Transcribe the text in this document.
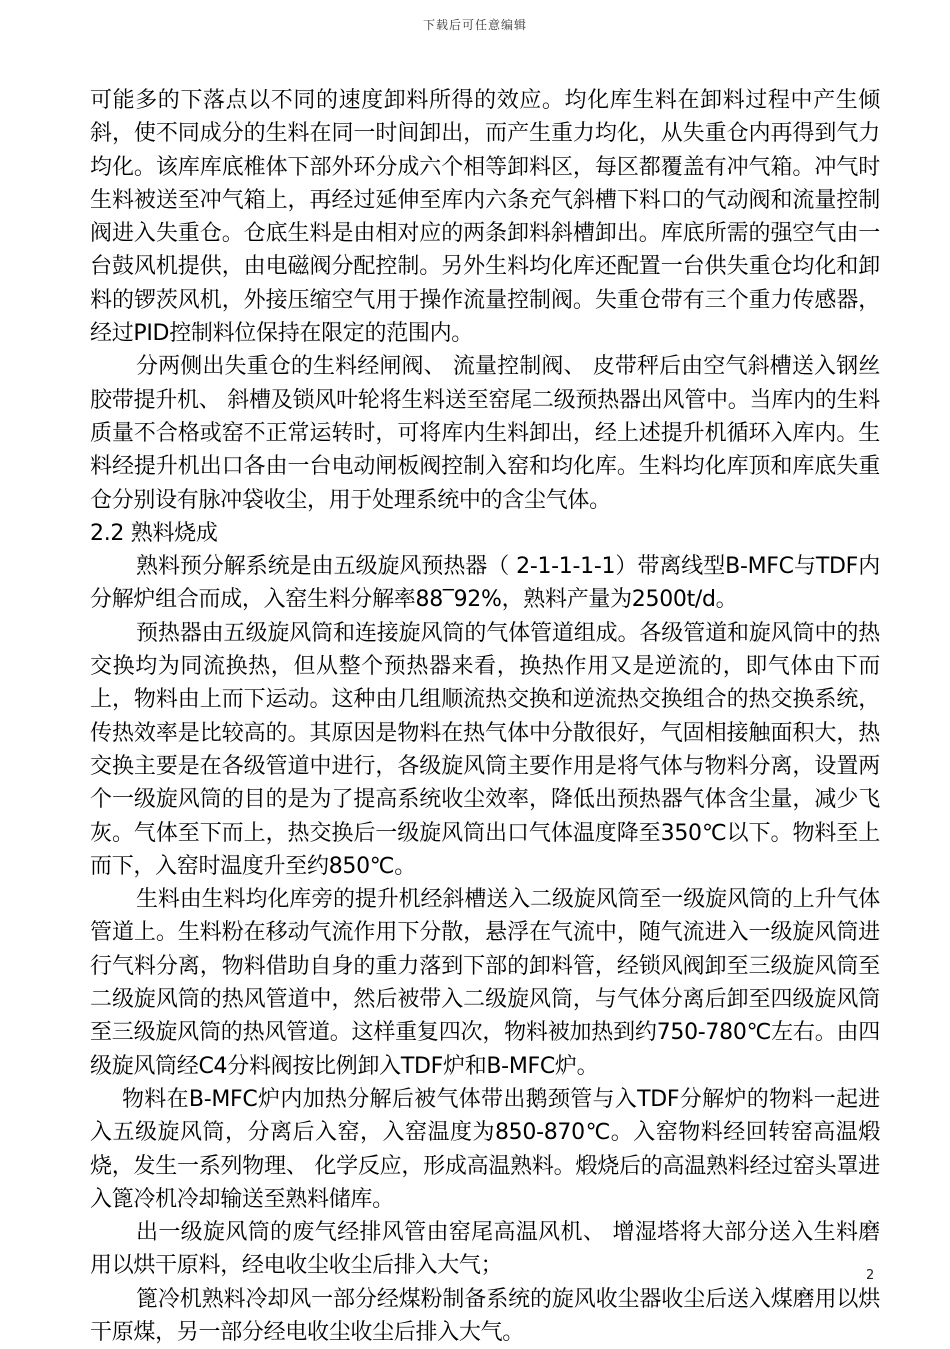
下载后可任意编辑

可能多的下落点以不同的速度卸料所得的效应。均化库生料在卸料过程中产生倾斜，使不同成分的生料在同一时间卸出，而产生重力均化，从失重仓内再得到气力均化。该库库底椎体下部外环分成六个相等卸料区，每区都覆盖有冲气箱。冲气时生料被送至冲气箱上，再经过延伸至库内六条充气斜槽下料口的气动阀和流量控制阀进入失重仓。仓底生料是由相对应的两条卸料斜槽卸出。库底所需的强空气由一台鼓风机提供，由电磁阀分配控制。另外生料均化库还配置一台供失重仓均化和卸料的锣茨风机，外接压缩空气用于操作流量控制阀。失重仓带有三个重力传感器，经过PID控制料位保持在限定的范围内。

分两侧出失重仓的生料经闸阀、 流量控制阀、 皮带秤后由空气斜槽送入钢丝胶带提升机、 斜槽及锁风叶轮将生料送至窑尾二级预热器出风管中。当库内的生料质量不合格或窑不正常运转时，可将库内生料卸出，经上述提升机循环入库内。生料经提升机出口各由一台电动闸板阀控制入窑和均化库。生料均化库顶和库底失重仓分别设有脉冲袋收尘，用于处理系统中的含尘气体。

2.2 熟料烧成

熟料预分解系统是由五级旋风预热器（ 2-1-1-1-1）带离线型B-MFC与TDF内分解炉组合而成，入窑生料分解率88‾92%，熟料产量为2500t/d。

预热器由五级旋风筒和连接旋风筒的气体管道组成。各级管道和旋风筒中的热交换均为同流换热，但从整个预热器来看，换热作用又是逆流的，即气体由下而上，物料由上而下运动。这种由几组顺流热交换和逆流热交换组合的热交换系统，传热效率是比较高的。其原因是物料在热气体中分散很好，气固相接触面积大，热交换主要是在各级管道中进行，各级旋风筒主要作用是将气体与物料分离，设置两个一级旋风筒的目的是为了提高系统收尘效率，降低出预热器气体含尘量，减少飞灰。气体至下而上，热交换后一级旋风筒出口气体温度降至350℃以下。物料至上而下，入窑时温度升至约850℃。

生料由生料均化库旁的提升机经斜槽送入二级旋风筒至一级旋风筒的上升气体管道上。生料粉在移动气流作用下分散，悬浮在气流中，随气流进入一级旋风筒进行气料分离，物料借助自身的重力落到下部的卸料管，经锁风阀卸至三级旋风筒至二级旋风筒的热风管道中，然后被带入二级旋风筒，与气体分离后卸至四级旋风筒至三级旋风筒的热风管道。这样重复四次，物料被加热到约750-780℃左右。由四级旋风筒经C4分料阀按比例卸入TDF炉和B-MFC炉。

物料在B-MFC炉内加热分解后被气体带出鹅颈管与入TDF分解炉的物料一起进入五级旋风筒，分离后入窑，入窑温度为850-870℃。入窑物料经回转窑高温煅烧，发生一系列物理、 化学反应，形成高温熟料。煅烧后的高温熟料经过窑头罩进入篦冷机冷却输送至熟料储库。

出一级旋风筒的废气经排风管由窑尾高温风机、 增湿塔将大部分送入生料磨用以烘干原料，经电收尘收尘后排入大气；

篦冷机熟料冷却风一部分经煤粉制备系统的旋风收尘器收尘后送入煤磨用以烘干原煤，另一部分经电收尘收尘后排入大气。

2
